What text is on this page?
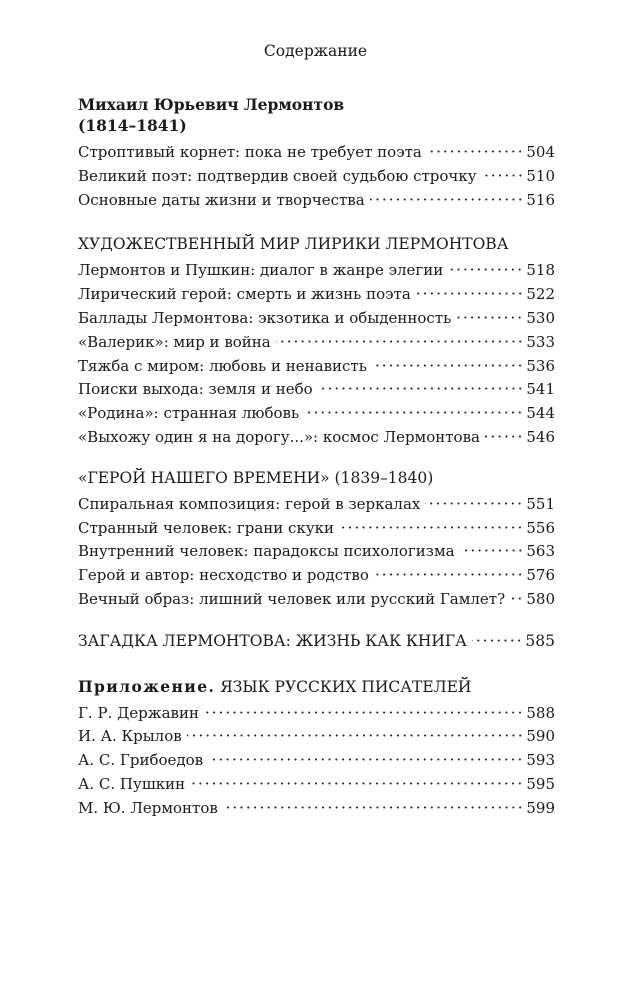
Содержание
Михаил Юрьевич Лермонтов
(1814–1841)
Строптивый корнет: пока не требует поэта	504
Великий поэт: подтвердив своей судьбою строчку	510
Основные даты жизни и творчества	516
ХУДОЖЕСТВЕННЫЙ МИР ЛИРИКИ ЛЕРМОНТОВА
Лермонтов и Пушкин: диалог в жанре элегии	518
Лирический герой: смерть и жизнь поэта	522
Баллады Лермонтова: экзотика и обыденность	530
«Валерик»: мир и война	533
Тяжба с миром: любовь и ненависть	536
Поиски выхода: земля и небо	541
«Родина»: странная любовь	544
«Выхожу один я на дорогу...»: космос Лермонтова	546
«ГЕРОЙ НАШЕГО ВРЕМЕНИ» (1839–1840)
Спиральная композиция: герой в зеркалах	551
Странный человек: грани скуки	556
Внутренний человек: парадоксы психологизма	563
Герой и автор: несходство и родство	576
Вечный образ: лишний человек или русский Гамлет?	580
ЗАГАДКА ЛЕРМОНТОВА: ЖИЗНЬ КАК КНИГА	585
Приложение. ЯЗЫК РУССКИХ ПИСАТЕЛЕЙ
Г. Р. Державин	588
И. А. Крылов	590
А. С. Грибоедов	593
А. С. Пушкин	595
М. Ю. Лермонтов	599
